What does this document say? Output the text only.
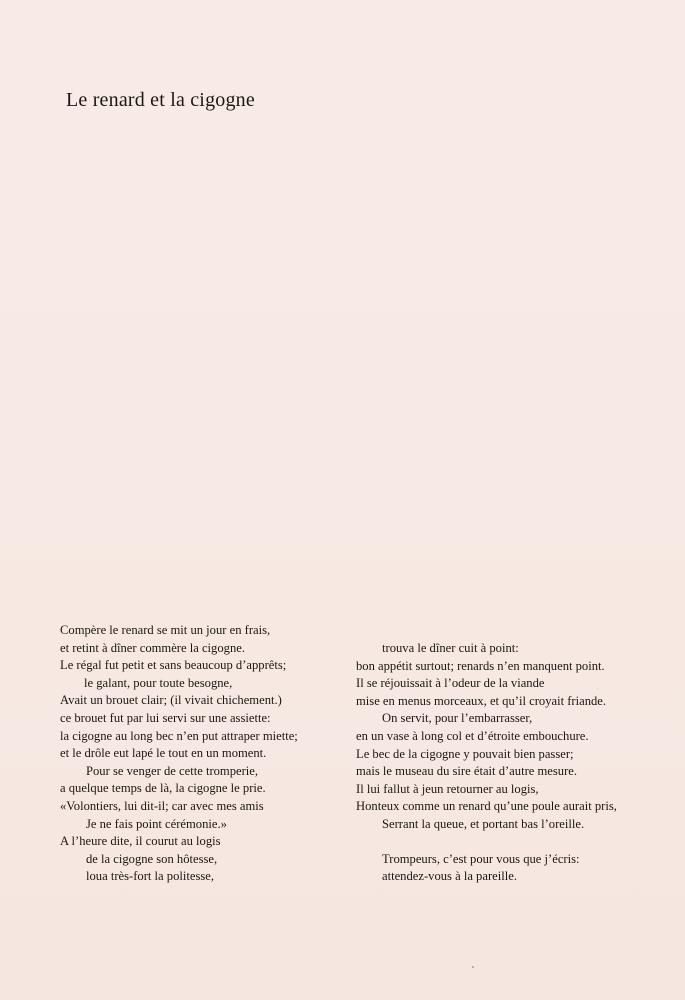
Le renard et la cigogne
Compère le renard se mit un jour en frais,
et retint à dîner commère la cigogne.
Le régal fut petit et sans beaucoup d’apprêts;
le galant, pour toute besogne,
Avait un brouet clair; (il vivait chichement.)
ce brouet fut par lui servi sur une assiette:
la cigogne au long bec n’en put attraper miette;
et le drôle eut lapé le tout en un moment.
Pour se venger de cette tromperie,
a quelque temps de là, la cigogne le prie.
«Volontiers, lui dit-il; car avec mes amis
Je ne fais point cérémonie.»
A l’heure dite, il courut au logis
de la cigogne son hôtesse,
loua très-fort la politesse,
trouva le dîner cuit à point:
bon appétit surtout; renards n’en manquent point.
Il se réjouissait à l’odeur de la viande
mise en menus morceaux, et qu’il croyait friande.
On servit, pour l’embarrasser,
en un vase à long col et d’étroite embouchure.
Le bec de la cigogne y pouvait bien passer;
mais le museau du sire était d’autre mesure.
Il lui fallut à jeun retourner au logis,
Honteux comme un renard qu’une poule aurait pris,
Serrant la queue, et portant bas l’oreille.
Trompeurs, c’est pour vous que j’écris:
attendez-vous à la pareille.
